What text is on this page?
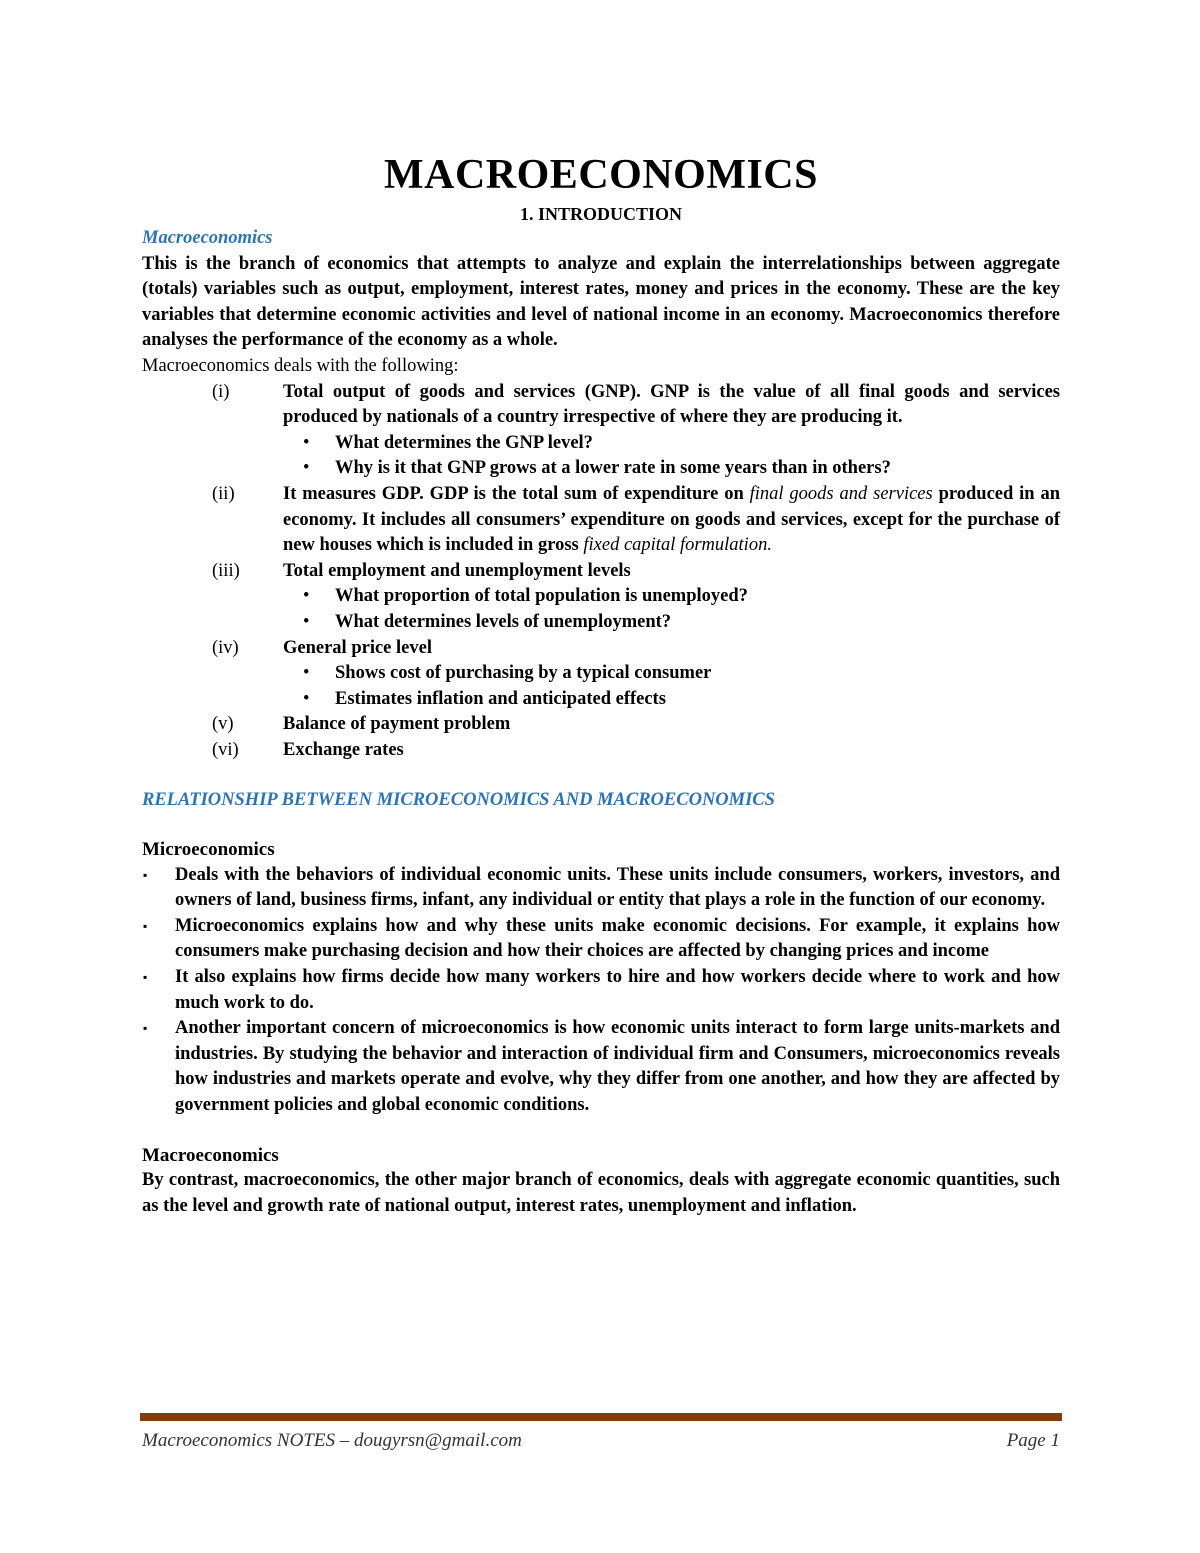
MACROECONOMICS

1. INTRODUCTION

Macroeconomics

This is the branch of economics that attempts to analyze and explain the interrelationships between aggregate (totals) variables such as output, employment, interest rates, money and prices in the economy. These are the key variables that determine economic activities and level of national income in an economy. Macroeconomics therefore analyses the performance of the economy as a whole.

Macroeconomics deals with the following:

(i)	Total output of goods and services (GNP). GNP is the value of all final goods and services produced by nationals of a country irrespective of where they are producing it.
• What determines the GNP level?
• Why is it that GNP grows at a lower rate in some years than in others?
(ii)	It measures GDP. GDP is the total sum of expenditure on final goods and services produced in an economy. It includes all consumers’ expenditure on goods and services, except for the purchase of new houses which is included in gross fixed capital formulation.
(iii) Total employment and unemployment levels
• What proportion of total population is unemployed?
• What determines levels of unemployment?
(iv) General price level
• Shows cost of purchasing by a typical consumer
• Estimates inflation and anticipated effects
(v)	Balance of payment problem
(vi) Exchange rates

RELATIONSHIP BETWEEN MICROECONOMICS AND MACROECONOMICS

Microeconomics

▪ Deals with the behaviors of individual economic units. These units include consumers, workers, investors, and owners of land, business firms, infant, any individual or entity that plays a role in the function of our economy.
▪ Microeconomics explains how and why these units make economic decisions. For example, it explains how consumers make purchasing decision and how their choices are affected by changing prices and income
▪ It also explains how firms decide how many workers to hire and how workers decide where to work and how much work to do.
▪ Another important concern of microeconomics is how economic units interact to form large units-markets and industries. By studying the behavior and interaction of individual firm and Consumers, microeconomics reveals how industries and markets operate and evolve, why they differ from one another, and how they are affected by government policies and global economic conditions.

Macroeconomics

By contrast, macroeconomics, the other major branch of economics, deals with aggregate economic quantities, such as the level and growth rate of national output, interest rates, unemployment and inflation.

Macroeconomics NOTES – dougyrsn@gmail.com	Page 1
